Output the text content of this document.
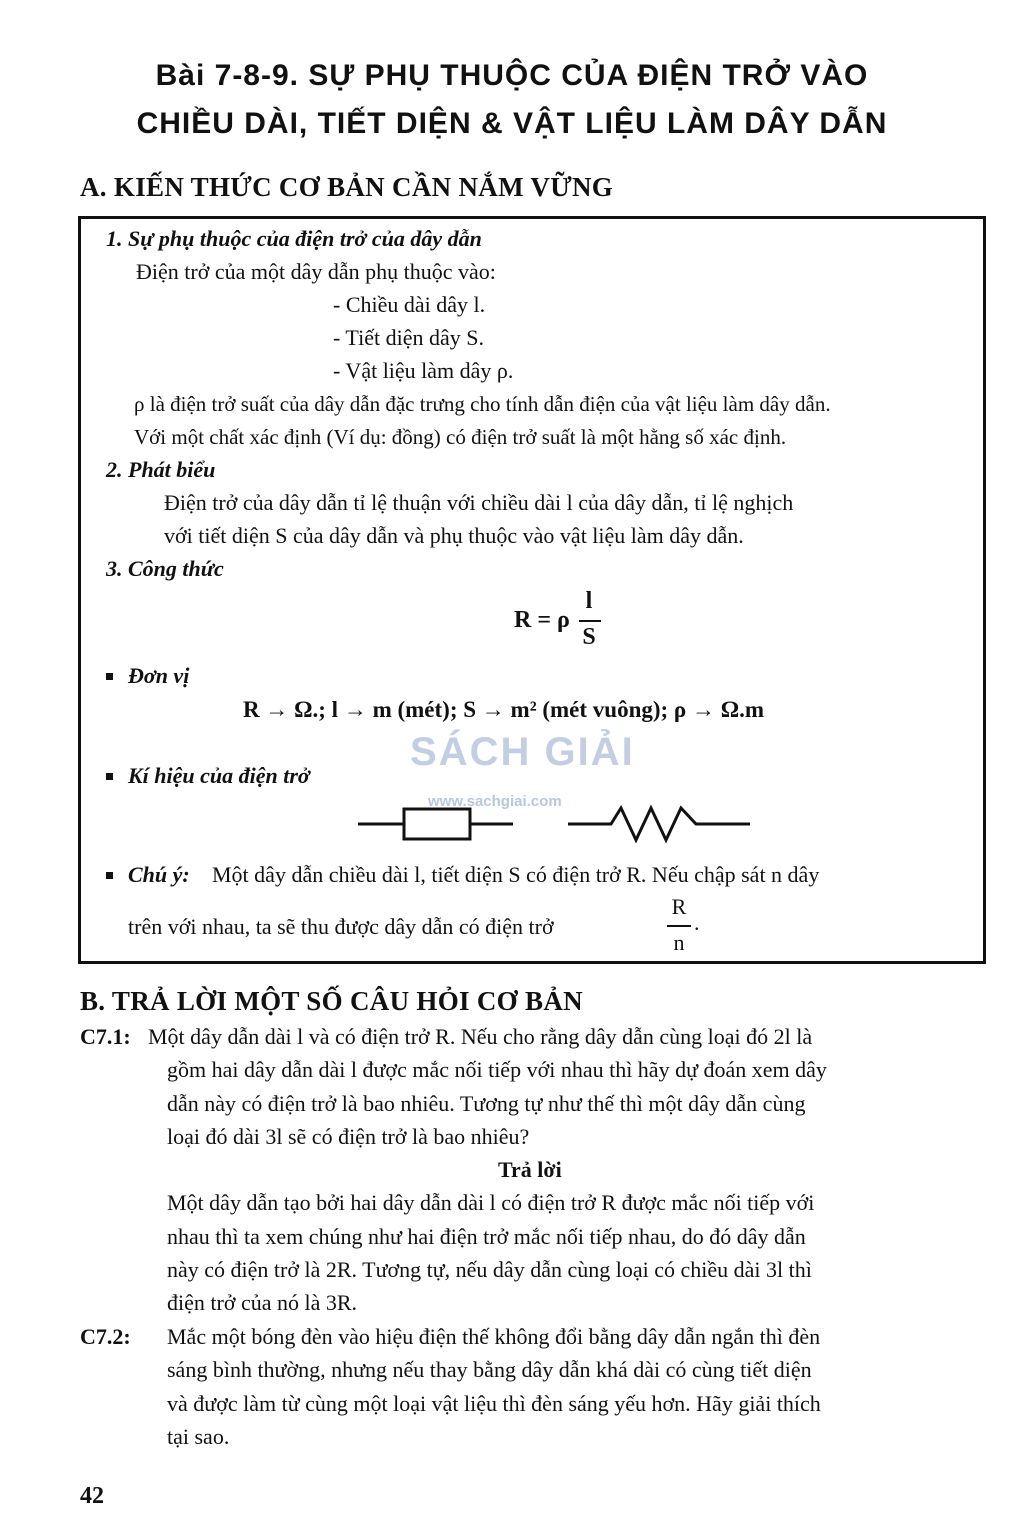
Bài 7-8-9. SỰ PHỤ THUỘC CỦA ĐIỆN TRỞ VÀO
CHIỀU DÀI, TIẾT DIỆN & VẬT LIỆU LÀM DÂY DẪN
A. KIẾN THỨC CƠ BẢN CẦN NẮM VỮNG
1. Sự phụ thuộc của điện trở của dây dẫn
Điện trở của một dây dẫn phụ thuộc vào:
- Chiều dài dây l.
- Tiết diện dây S.
- Vật liệu làm dây ρ.
ρ là điện trở suất của dây dẫn đặc trưng cho tính dẫn điện của vật liệu làm dây dẫn.
Với một chất xác định (Ví dụ: đồng) có điện trở suất là một hằng số xác định.
2. Phát biểu
Điện trở của dây dẫn tỉ lệ thuận với chiều dài l của dây dẫn, tỉ lệ nghịch
với tiết diện S của dây dẫn và phụ thuộc vào vật liệu làm dây dẫn.
3. Công thức
R = ρ
l
S
Đơn vị
R → Ω.; l → m (mét); S → m² (mét vuông); ρ → Ω.m
SÁCH GIẢI
www.sachgiai.com
Kí hiệu của điện trở
Chú ý: Một dây dẫn chiều dài l, tiết diện S có điện trở R. Nếu chập sát n dây
trên với nhau, ta sẽ thu được dây dẫn có điện trở
R
n
.
B. TRẢ LỜI MỘT SỐ CÂU HỎI CƠ BẢN
C7.1: Một dây dẫn dài l và có điện trở R. Nếu cho rằng dây dẫn cùng loại đó 2l là
gồm hai dây dẫn dài l được mắc nối tiếp với nhau thì hãy dự đoán xem dây
dẫn này có điện trở là bao nhiêu. Tương tự như thế thì một dây dẫn cùng
loại đó dài 3l sẽ có điện trở là bao nhiêu?
Trả lời
Một dây dẫn tạo bởi hai dây dẫn dài l có điện trở R được mắc nối tiếp với
nhau thì ta xem chúng như hai điện trở mắc nối tiếp nhau, do đó dây dẫn
này có điện trở là 2R. Tương tự, nếu dây dẫn cùng loại có chiều dài 3l thì
điện trở của nó là 3R.
C7.2: Mắc một bóng đèn vào hiệu điện thế không đổi bằng dây dẫn ngắn thì đèn
sáng bình thường, nhưng nếu thay bằng dây dẫn khá dài có cùng tiết diện
và được làm từ cùng một loại vật liệu thì đèn sáng yếu hơn. Hãy giải thích
tại sao.
42
